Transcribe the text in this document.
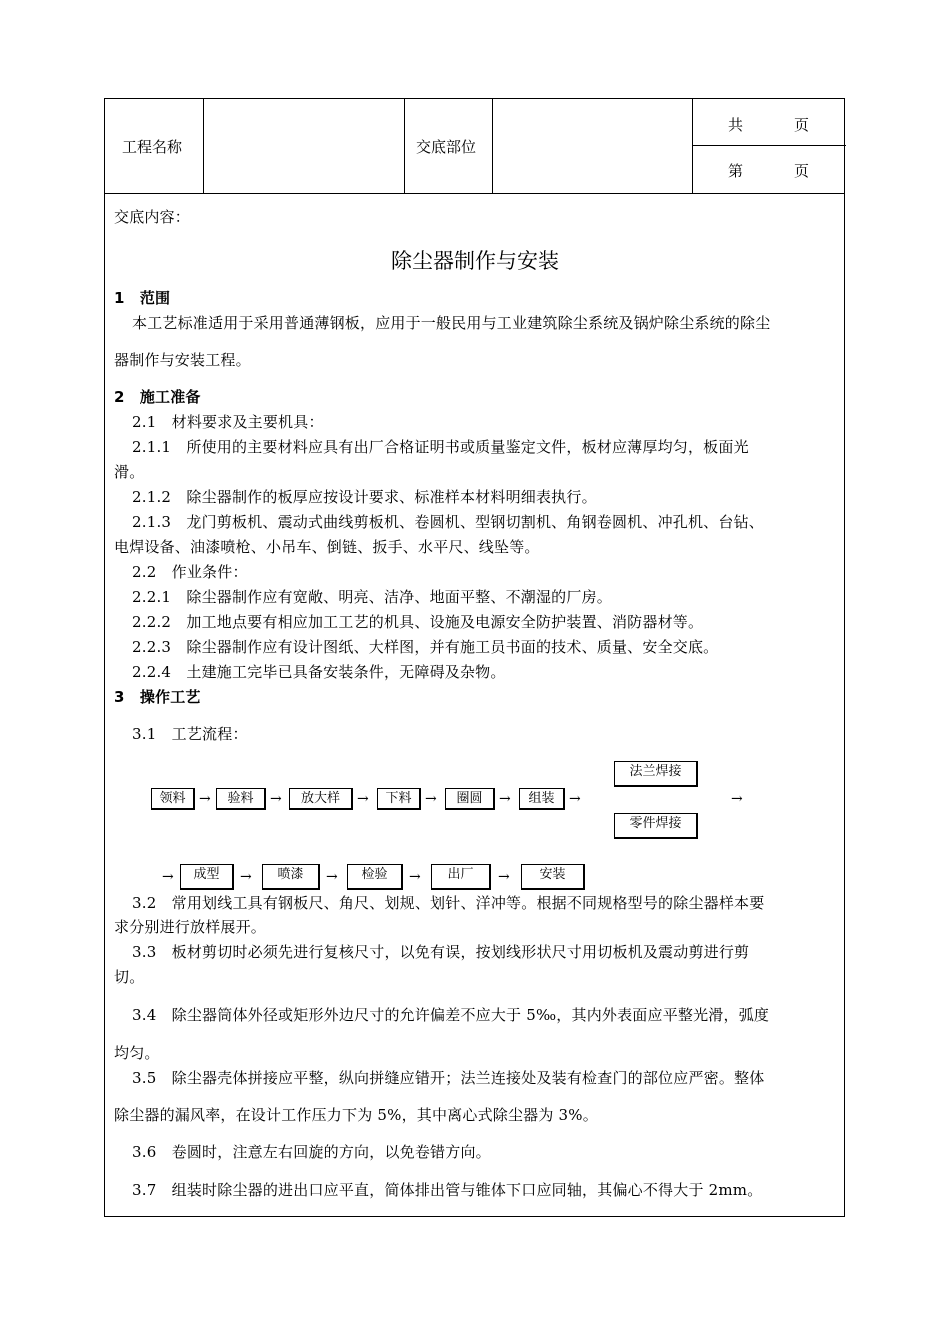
工程名称	交底部位
共	页
第	页
交底内容：
除尘器制作与安装
1　范围
本工艺标准适用于采用普通薄钢板，应用于一般民用与工业建筑除尘系统及锅炉除尘系统的除尘
器制作与安装工程。
2　施工准备
2.1　材料要求及主要机具：
2.1.1　所使用的主要材料应具有出厂合格证明书或质量鉴定文件，板材应薄厚均匀，板面光
滑。
2.1.2　除尘器制作的板厚应按设计要求、标准样本材料明细表执行。
2.1.3　龙门剪板机、震动式曲线剪板机、卷圆机、型钢切割机、角钢卷圆机、冲孔机、台钻、
电焊设备、油漆喷枪、小吊车、倒链、扳手、水平尺、线坠等。
2.2　作业条件：
2.2.1　除尘器制作应有宽敞、明亮、洁净、地面平整、不潮湿的厂房。
2.2.2　加工地点要有相应加工工艺的机具、设施及电源安全防护装置、消防器材等。
2.2.3　除尘器制作应有设计图纸、大样图，并有施工员书面的技术、质量、安全交底。
2.2.4　土建施工完毕已具备安装条件，无障碍及杂物。
3　操作工艺
3.1　工艺流程：
领料 →	验料	→	放大样	→	下料 →	圈圆	→	组装	→
法兰焊接
零件焊接
→
→	成型	→	喷漆	→	检验	→	出厂	→	安装
3.2　常用划线工具有钢板尺、角尺、划规、划针、洋冲等。根据不同规格型号的除尘器样本要
求分别进行放样展开。
3.3　板材剪切时必须先进行复核尺寸，以免有误，按划线形状尺寸用切板机及震动剪进行剪
切。
3.4　除尘器筒体外径或矩形外边尺寸的允许偏差不应大于 5‰，其内外表面应平整光滑，弧度
均匀。
3.5　除尘器壳体拼接应平整，纵向拼缝应错开；法兰连接处及装有检查门的部位应严密。整体
除尘器的漏风率，在设计工作压力下为 5%，其中离心式除尘器为 3%。
3.6　卷圆时，注意左右回旋的方向，以免卷错方向。
3.7　组装时除尘器的进出口应平直，简体排出管与锥体下口应同轴，其偏心不得大于 2mm。
